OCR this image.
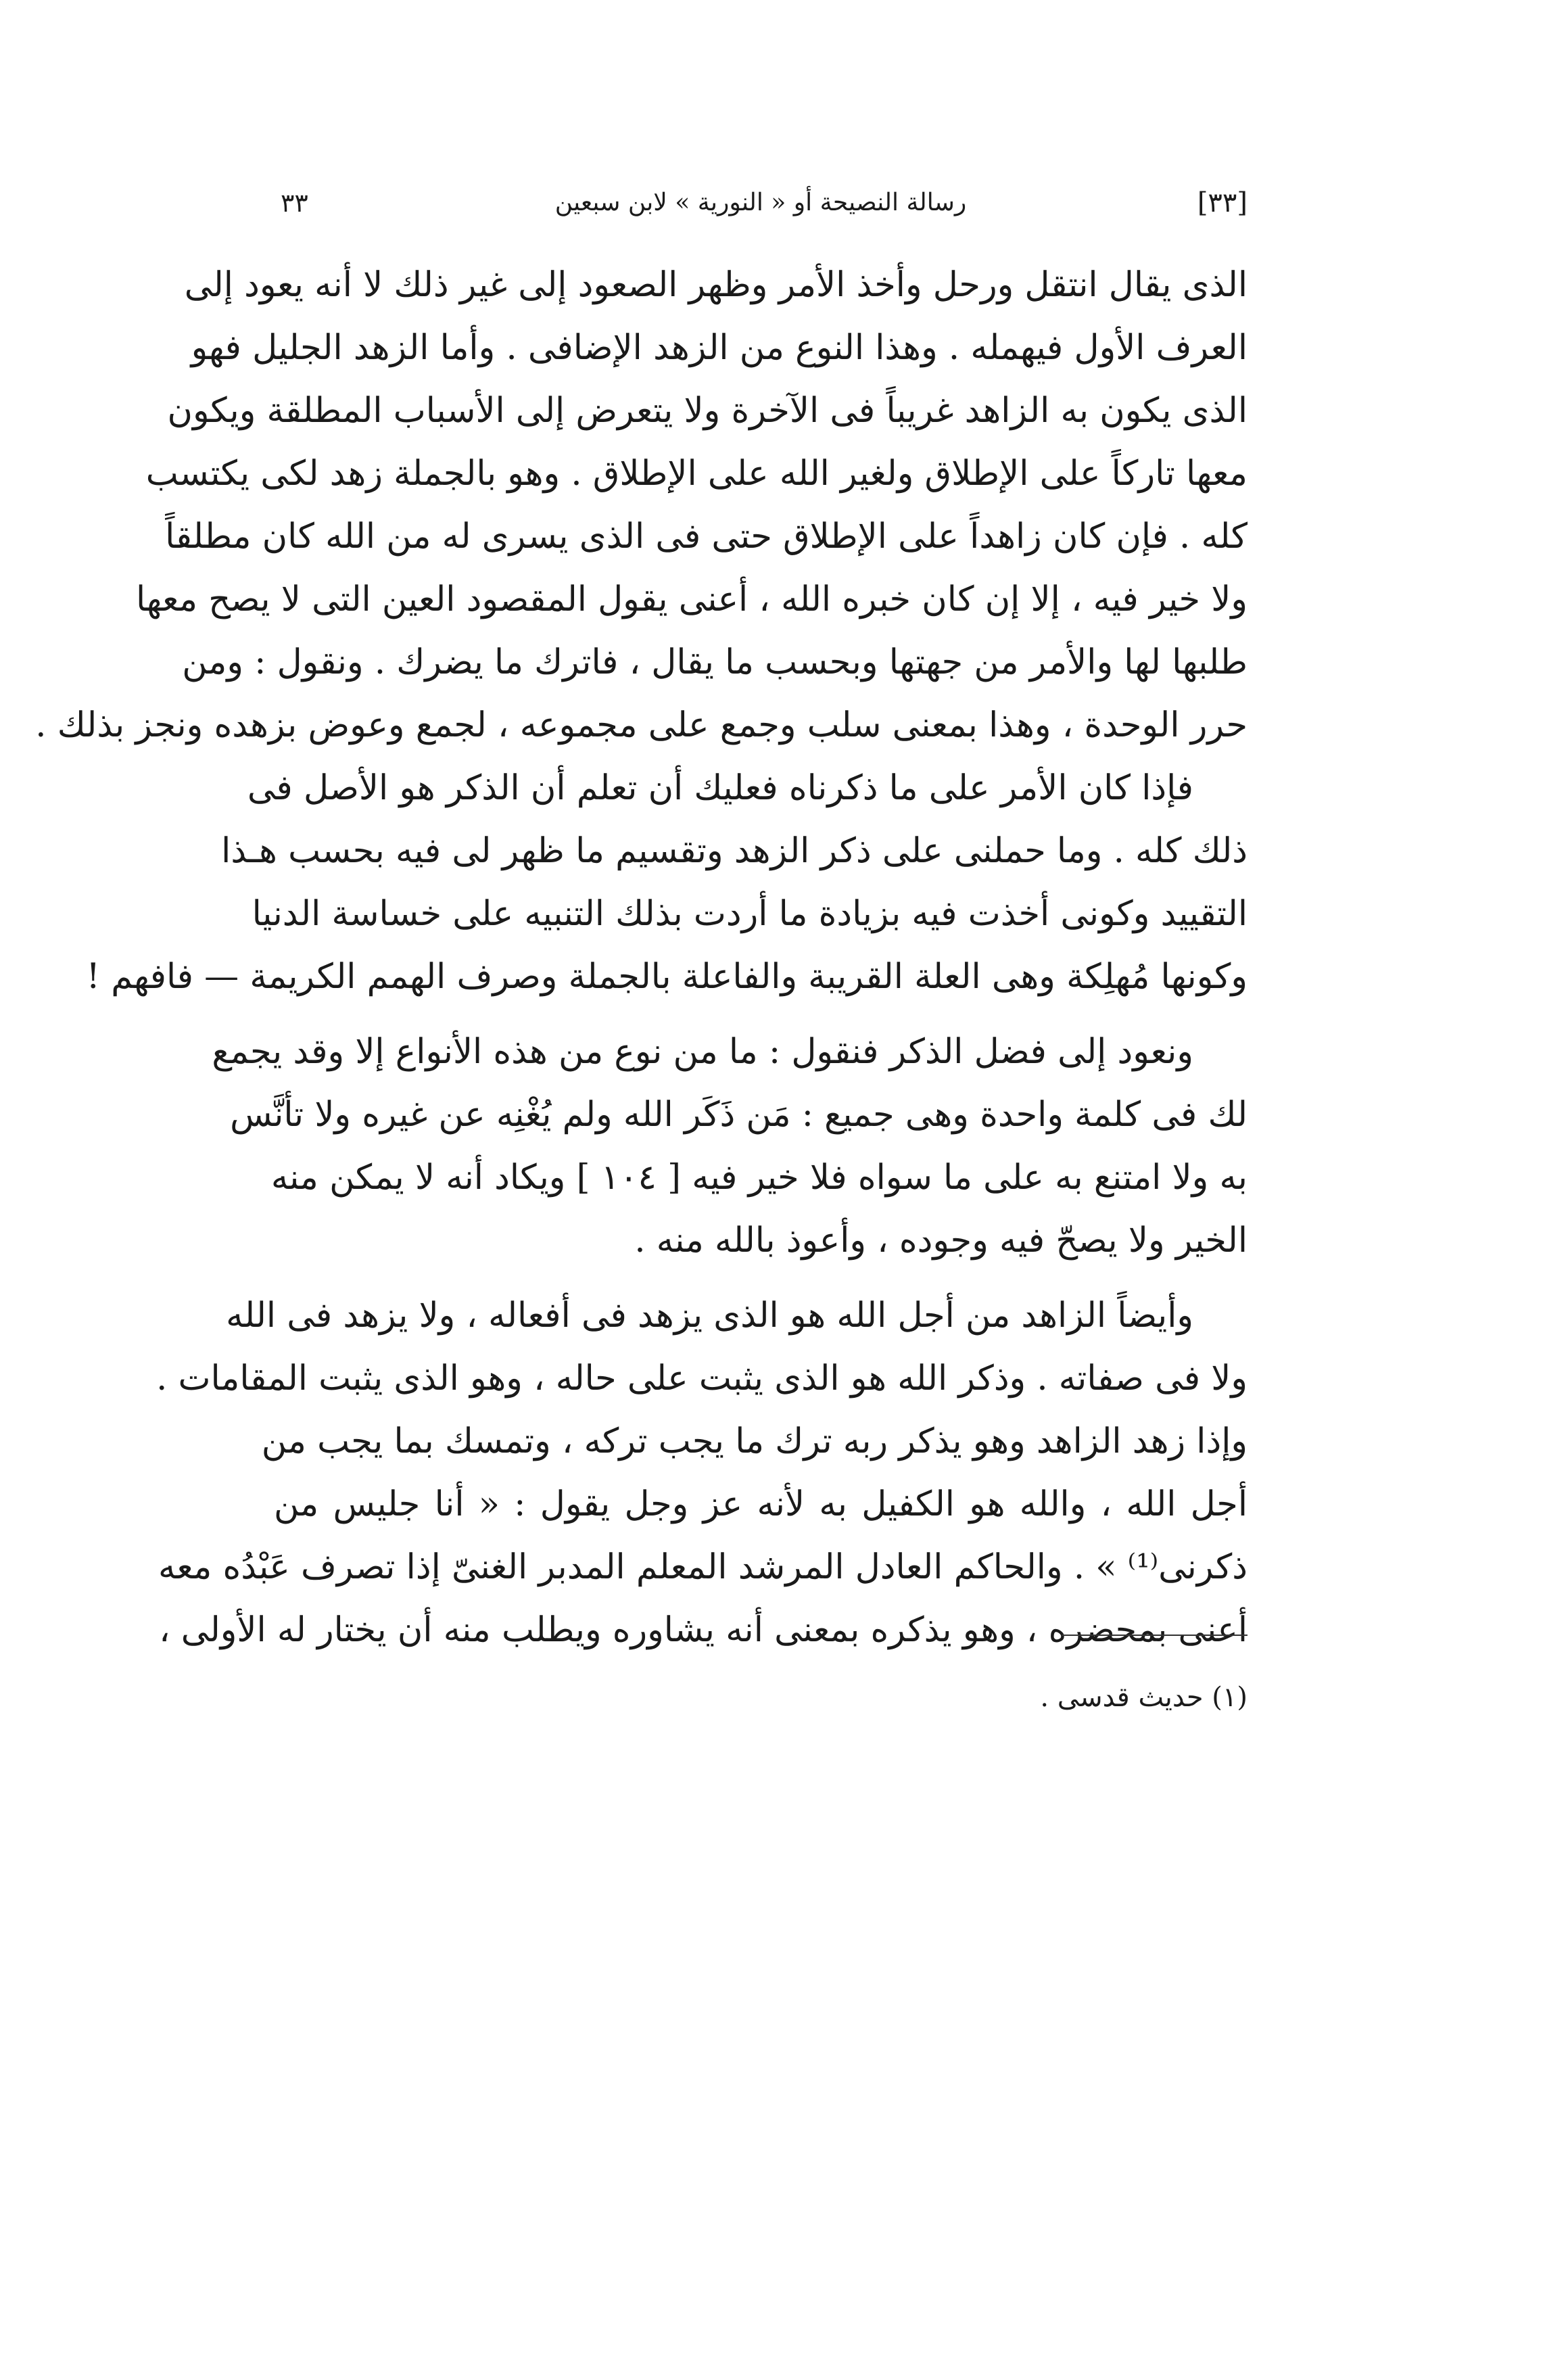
٣٣	رسالة النصيحة أو « النورية » لابن سبعين	[٣٣]
الذى يقال انتقل ورحل وأخذ الأمر وظهر الصعود إلى غير ذلك لا أنه يعود إلى
العرف الأول فيهمله . وهذا النوع من الزهد الإضافى . وأما الزهد الجليل فهو
الذى يكون به الزاهد غريباً فى الآخرة ولا يتعرض إلى الأسباب المطلقة ويكون
معها تاركاً على الإطلاق ولغير الله على الإطلاق . وهو بالجملة زهد لكى يكتسب
كله . فإن كان زاهداً على الإطلاق حتى فى الذى يسرى له من الله كان مطلقاً
ولا خير فيه ، إلا إن كان خبره الله ، أعنى يقول المقصود العين التى لا يصح معها
طلبها لها والأمر من جهتها وبحسب ما يقال ، فاترك ما يضرك . ونقول : ومن
حرر الوحدة ، وهذا بمعنى سلب وجمع على مجموعه ، لجمع وعوض بزهده ونجز بذلك .
فإذا كان الأمر على ما ذكرناه فعليك أن تعلم أن الذكر هو الأصل فى
ذلك كله . وما حملنى على ذكر الزهد وتقسيم ما ظهر لى فيه بحسب هـذا
التقييد وكونى أخذت فيه بزيادة ما أردت بذلك التنبيه على خساسة الدنيا
وكونها مُهلِكة وهى العلة القريبة والفاعلة بالجملة وصرف الهمم الكريمة — فافهم !
ونعود إلى فضل الذكر فنقول : ما من نوع من هذه الأنواع إلا وقد يجمع
لك فى كلمة واحدة وهى جميع : مَن ذَكَر الله ولم يُغْنِه عن غيره ولا تأنَّس
به ولا امتنع به على ما سواه فلا خير فيه [ ١٠٤ ] ويكاد أنه لا يمكن منه
الخير ولا يصحّ فيه وجوده ، وأعوذ بالله منه .
وأيضاً الزاهد من أجل الله هو الذى يزهد فى أفعاله ، ولا يزهد فى الله
ولا فى صفاته . وذكر الله هو الذى يثبت على حاله ، وهو الذى يثبت المقامات .
وإذا زهد الزاهد وهو يذكر ربه ترك ما يجب تركه ، وتمسك بما يجب من
أجل الله ، والله هو الكفيل به لأنه عز وجل يقول : « أنا جليس من
ذكرنى⁽¹⁾ » . والحاكم العادل المرشد المعلم المدبر الغنىّ إذا تصرف عَبْدُه معه
أعنى بمحضره ، وهو يذكره بمعنى أنه يشاوره ويطلب منه أن يختار له الأولى ،
(١) حديث قدسى .
